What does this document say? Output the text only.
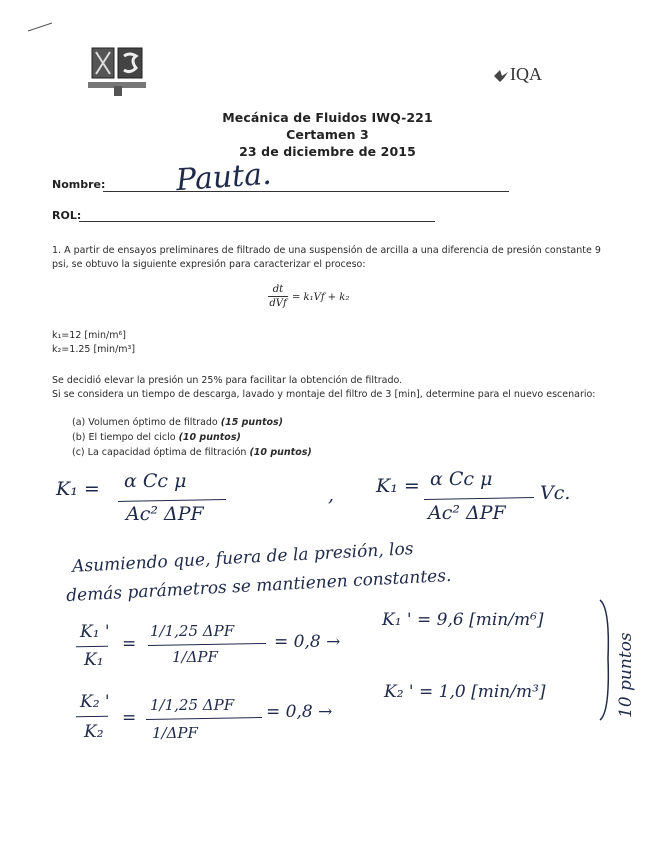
IQA
Mecánica de Fluidos IWQ-221
Certamen 3
23 de diciembre de 2015
Nombre: Pauta.
ROL:
1. A partir de ensayos preliminares de filtrado de una suspensión de arcilla a una diferencia de presión constante 9 psi, se obtuvo la siguiente expresión para caracterizar el proceso:
dt
dVf
= k₁Vf + k₂
k₁=12 [min/m⁶]
k₂=1.25 [min/m³]
Se decidió elevar la presión un 25% para facilitar la obtención de filtrado.
Si se considera un tiempo de descarga, lavado y montaje del filtro de 3 [min], determine para el nuevo escenario:
(a) Volumen óptimo de filtrado (15 puntos)
(b) El tiempo del ciclo (10 puntos)
(c) La capacidad óptima de filtración (10 puntos)
K₁ = α Cc μ
Ac² ΔPF
, K₁ = α Cc μ
Ac² ΔPF
Vc.
Asumiendo que, fuera de la presión, los
demás parámetros se mantienen constantes.
K₁ '
K₁
=
1/1,25 ΔPF
1/ΔPF
= 0,8 →
K₁ ' = 9,6 [min/m⁶]
K₂ '
K₂
=
1/1,25 ΔPF
1/ΔPF
= 0,8 →
K₂ ' = 1,0 [min/m³]	10 puntos
